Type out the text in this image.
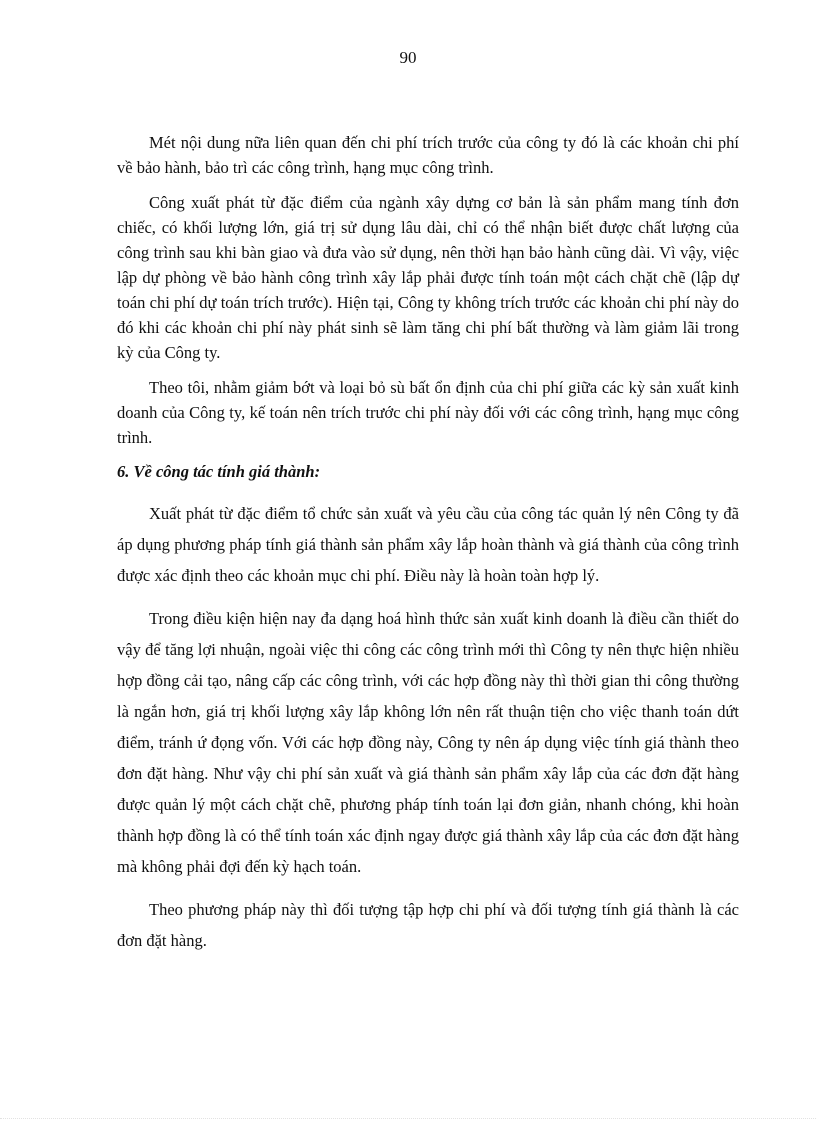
90

Mét nội dung nữa liên quan đến chi phí trích trước của công ty đó là các khoản chi phí về bảo hành, bảo trì các công trình, hạng mục công trình.

Công xuất phát từ đặc điểm của ngành xây dựng cơ bản là sản phẩm mang tính đơn chiếc, có khối lượng lớn, giá trị sử dụng lâu dài, chỉ có thể nhận biết được chất lượng của công trình sau khi bàn giao và đưa vào sử dụng, nên thời hạn bảo hành cũng dài. Vì vậy, việc lập dự phòng về bảo hành công trình xây lắp phải được tính toán một cách chặt chẽ (lập dự toán chi phí dự toán trích trước). Hiện tại, Công ty không trích trước các khoản chi phí này do đó khi các khoản chi phí này phát sinh sẽ làm tăng chi phí bất thường và làm giảm lãi trong kỳ của Công ty.

Theo tôi, nhằm giảm bớt và loại bỏ sù bất ổn định của chi phí giữa các kỳ sản xuất kinh doanh của Công ty, kế toán nên trích trước chi phí này đối với các công trình, hạng mục công trình.

6. Về công tác tính giá thành:

Xuất phát từ đặc điểm tổ chức sản xuất và yêu cầu của công tác quản lý nên Công ty đã áp dụng phương pháp tính giá thành sản phẩm xây lắp hoàn thành và giá thành của công trình được xác định theo các khoản mục chi phí. Điều này là hoàn toàn hợp lý.

Trong điều kiện hiện nay đa dạng hoá hình thức sản xuất kinh doanh là điều cần thiết do vậy để tăng lợi nhuận, ngoài việc thi công các công trình mới thì Công ty nên thực hiện nhiều hợp đồng cải tạo, nâng cấp các công trình, với các hợp đồng này thì thời gian thi công thường là ngắn hơn, giá trị khối lượng xây lắp không lớn nên rất thuận tiện cho việc thanh toán dứt điểm, tránh ứ đọng vốn. Với các hợp đồng này, Công ty nên áp dụng việc tính giá thành theo đơn đặt hàng. Như vậy chi phí sản xuất và giá thành sản phẩm xây lắp của các đơn đặt hàng được quản lý một cách chặt chẽ, phương pháp tính toán lại đơn giản, nhanh chóng, khi hoàn thành hợp đồng là có thể tính toán xác định ngay được giá thành xây lắp của các đơn đặt hàng mà không phải đợi đến kỳ hạch toán.

Theo phương pháp này thì đối tượng tập hợp chi phí và đối tượng tính giá thành là các đơn đặt hàng.
